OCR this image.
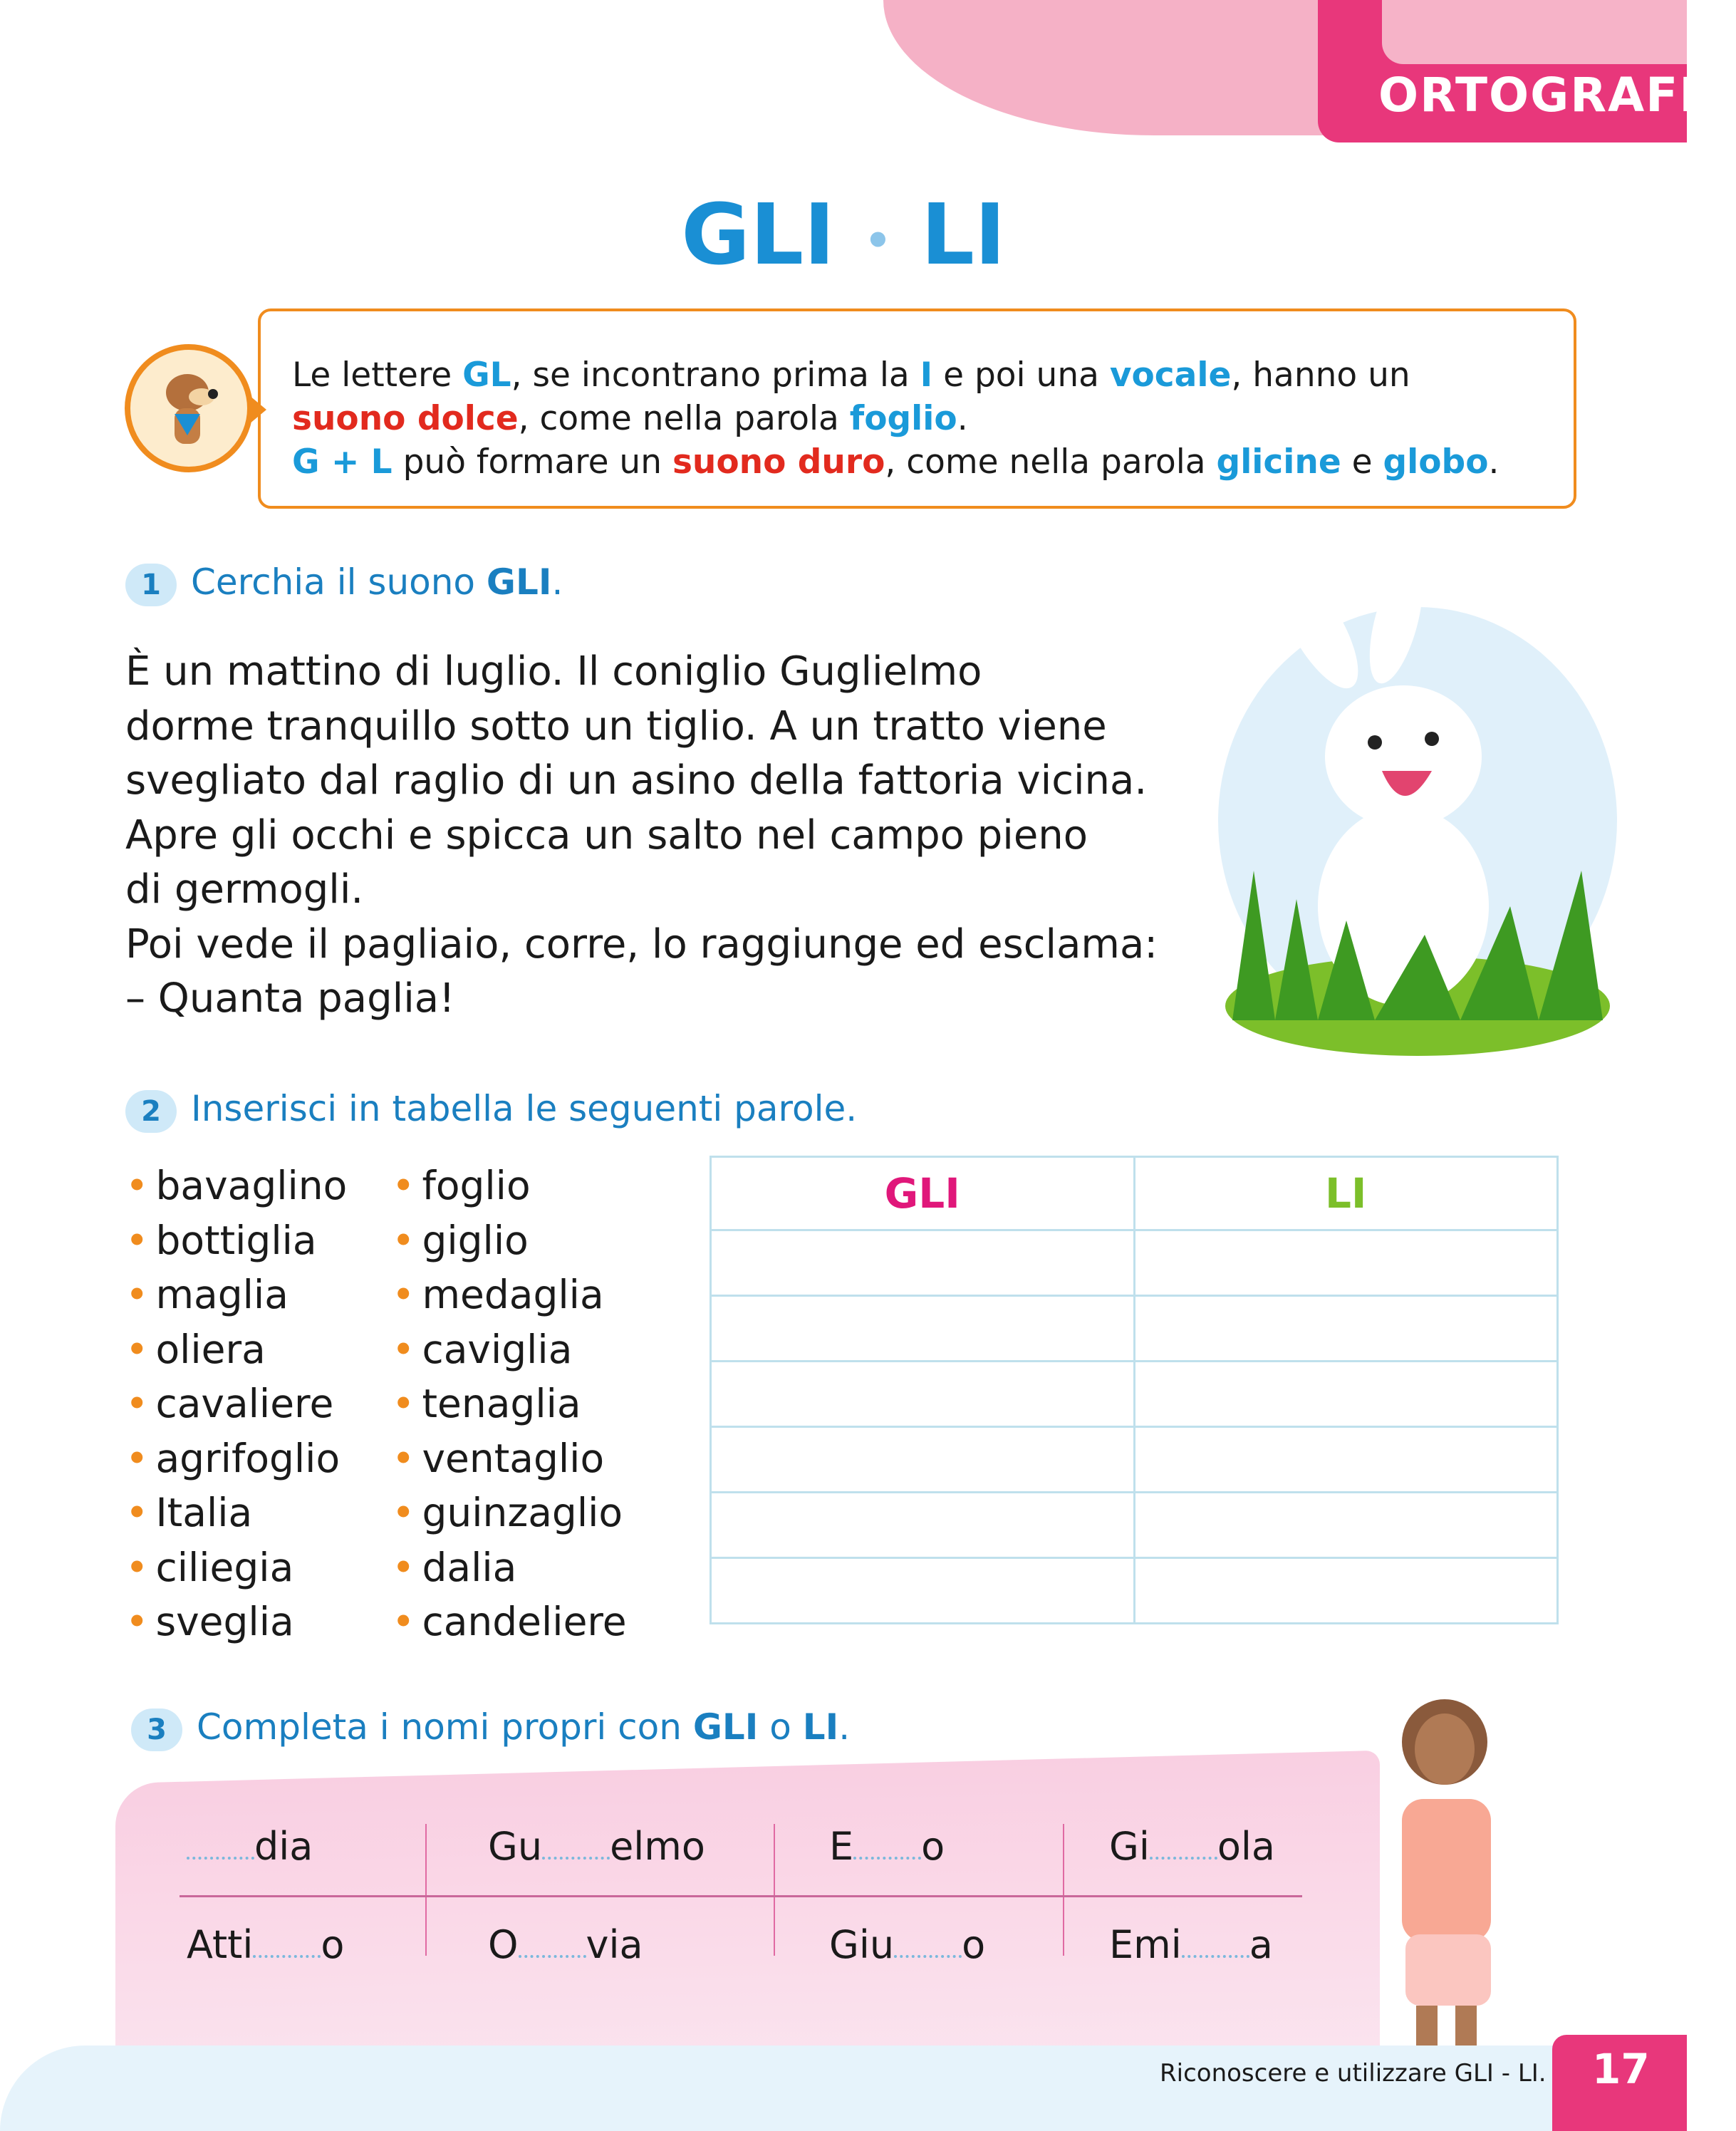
ORTOGRAFIA
GLI • LI

Le lettere GL, se incontrano prima la I e poi una vocale, hanno un

suono dolce, come nella parola foglio.

G + L può formare un suono duro, come nella parola glicine e globo.

1 Cerchia il suono GLI.
È un mattino di luglio. Il coniglio Guglielmo
dorme tranquillo sotto un tiglio. A un tratto viene
svegliato dal raglio di un asino della fattoria vicina.
Apre gli occhi e spicca un salto nel campo pieno
di germogli.
Poi vede il pagliaio, corre, lo raggiunge ed esclama:
– Quanta paglia!
2 Inserisci in tabella le seguenti parole.
• bavaglino
• bottiglia
• maglia
• oliera
• cavaliere
• agrifoglio
• Italia
• ciliegia
• sveglia
• foglio
• giglio
• medaglia
• caviglia
• tenaglia
• ventaglio
• guinzaglio
• dalia
• candeliere
GLI	LI

3 Completa i nomi propri con GLI o LI.
dia	Gu elmo	E o	Gi ola
Atti o	O via	Giu o	Emi a
Riconoscere e utilizzare GLI - LI. 17
